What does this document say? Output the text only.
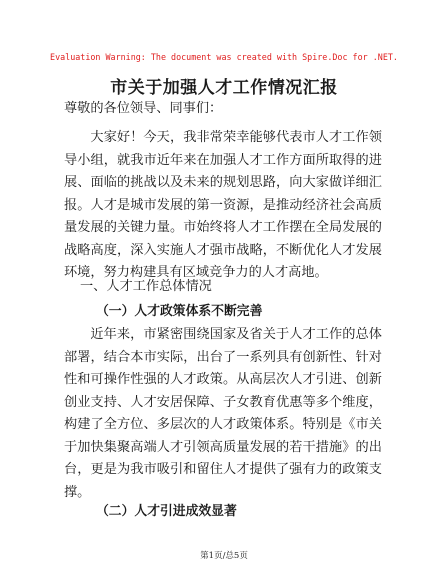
Evaluation Warning: The document was created with Spire.Doc for .NET.
市关于加强人才工作情况汇报
尊敬的各位领导、同事们：
大家好！今天，我非常荣幸能够代表市人才工作领导小组，就我市近年来在加强人才工作方面所取得的进展、面临的挑战以及未来的规划思路，向大家做详细汇报。人才是城市发展的第一资源，是推动经济社会高质量发展的关键力量。市始终将人才工作摆在全局发展的战略高度，深入实施人才强市战略，不断优化人才发展环境，努力构建具有区域竞争力的人才高地。
一、人才工作总体情况
（一）人才政策体系不断完善
近年来，市紧密围绕国家及省关于人才工作的总体部署，结合本市实际，出台了一系列具有创新性、针对性和可操作性强的人才政策。从高层次人才引进、创新创业支持、人才安居保障、子女教育优惠等多个维度，构建了全方位、多层次的人才政策体系。特别是《市关于加快集聚高端人才引领高质量发展的若干措施》的出台，更是为我市吸引和留住人才提供了强有力的政策支撑。
（二）人才引进成效显著
第1页/总5页
